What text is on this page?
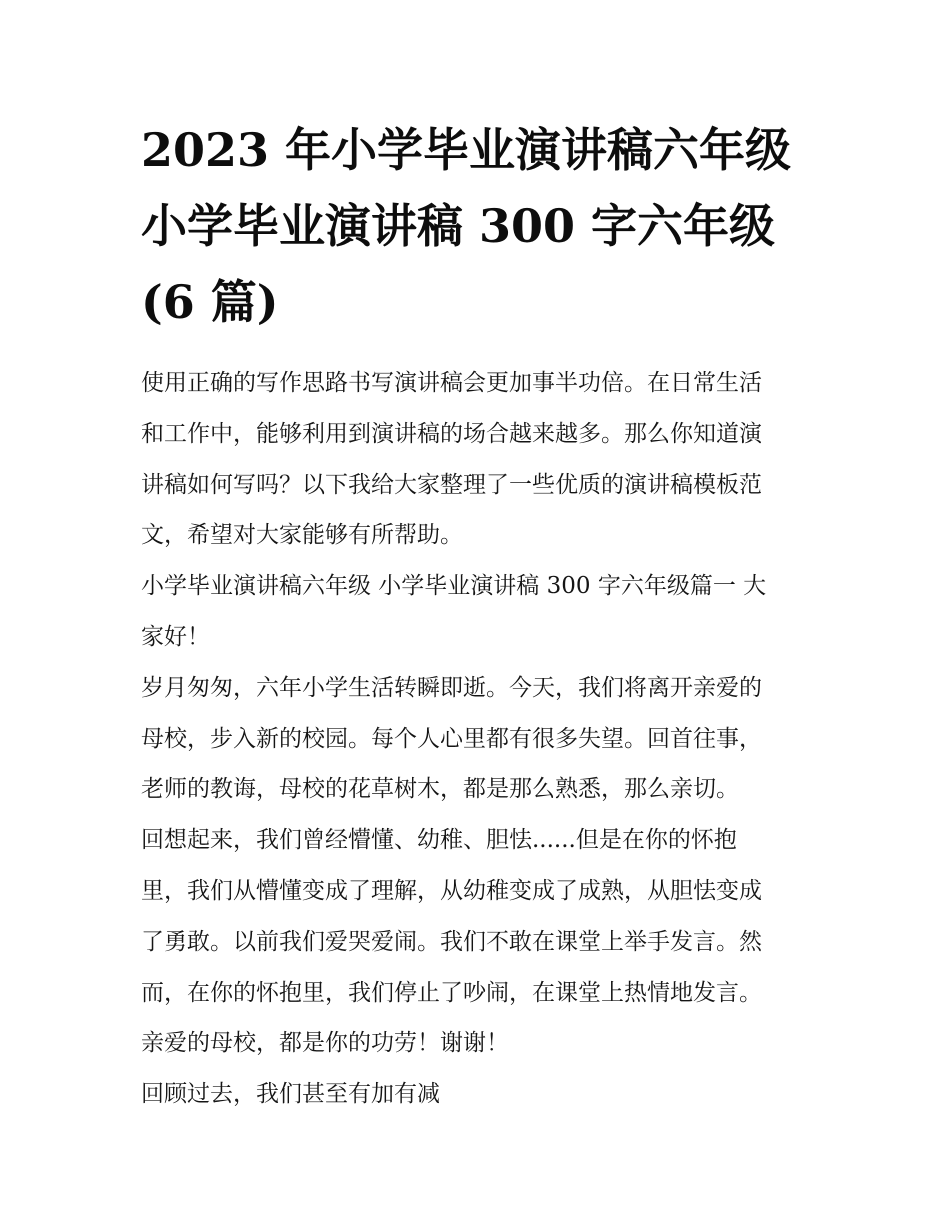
2023 年小学毕业演讲稿六年级
小学毕业演讲稿 300 字六年级
(6 篇)

使用正确的写作思路书写演讲稿会更加事半功倍。在日常生活
和工作中，能够利用到演讲稿的场合越来越多。那么你知道演
讲稿如何写吗？以下我给大家整理了一些优质的演讲稿模板范
文，希望对大家能够有所帮助。

小学毕业演讲稿六年级 小学毕业演讲稿 300 字六年级篇一 大
家好！

岁月匆匆，六年小学生活转瞬即逝。今天，我们将离开亲爱的
母校，步入新的校园。每个人心里都有很多失望。回首往事，
老师的教诲，母校的花草树木，都是那么熟悉，那么亲切。

回想起来，我们曾经懵懂、幼稚、胆怯......但是在你的怀抱
里，我们从懵懂变成了理解，从幼稚变成了成熟，从胆怯变成
了勇敢。以前我们爱哭爱闹。我们不敢在课堂上举手发言。然
而，在你的怀抱里，我们停止了吵闹，在课堂上热情地发言。
亲爱的母校，都是你的功劳！谢谢！

回顾过去，我们甚至有加有减
